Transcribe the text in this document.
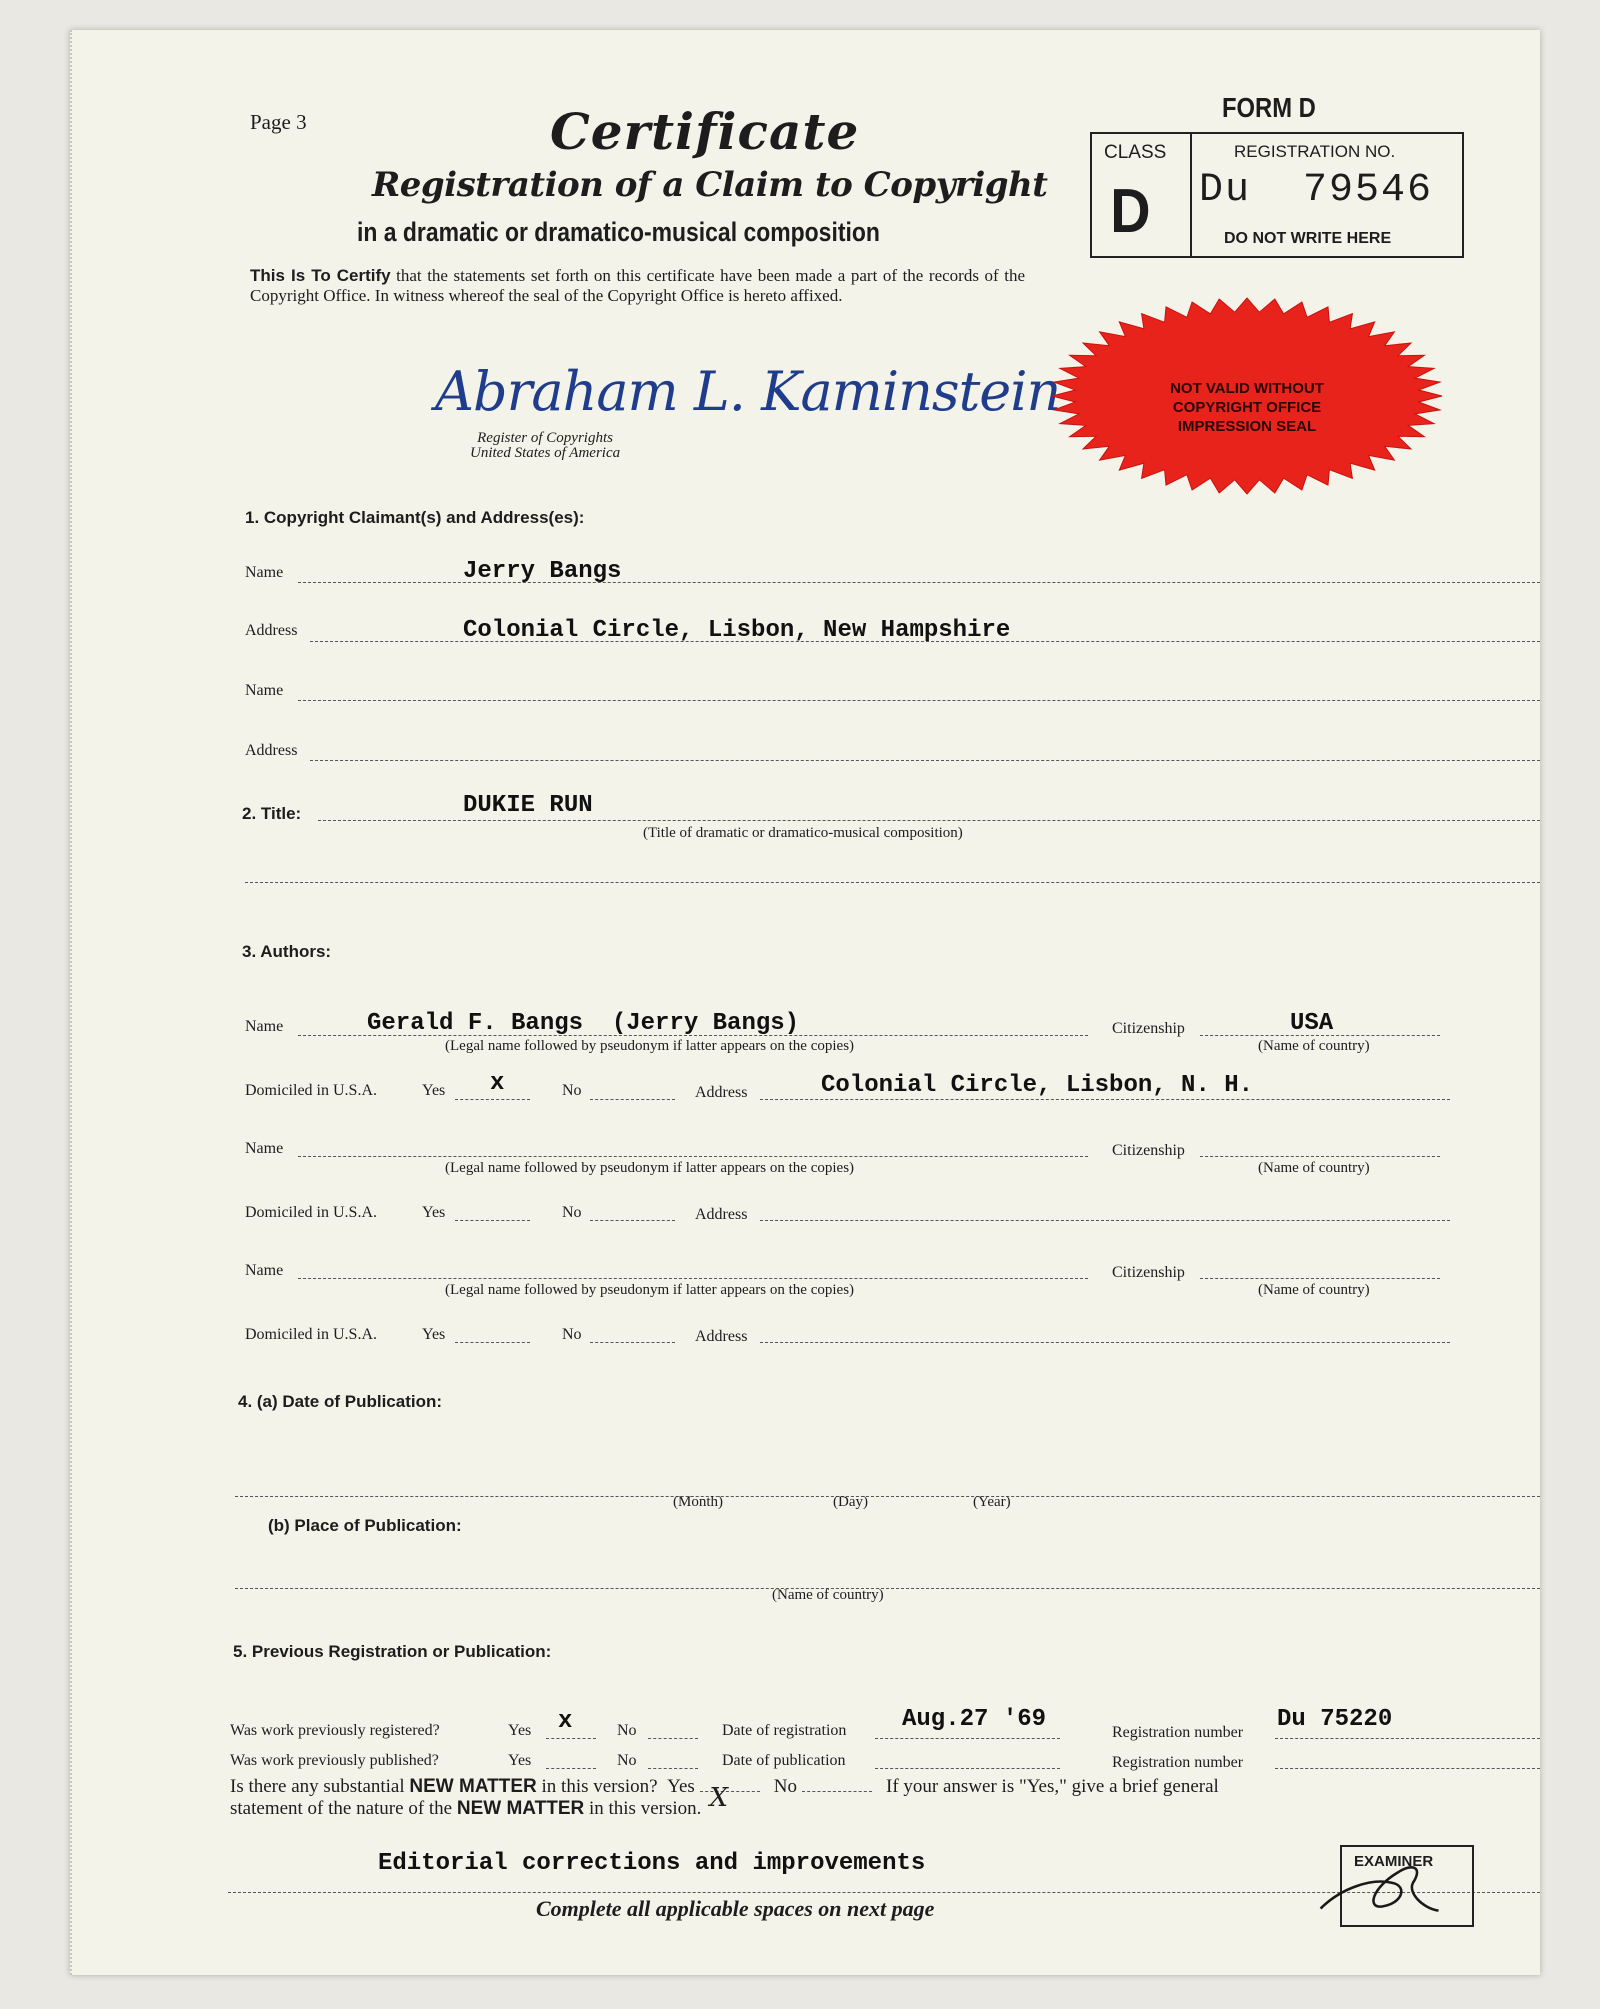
Page 3	Certificate
Registration of a Claim to Copyright
in a dramatic or dramatico-musical composition
This Is To Certify that the statements set forth on this certificate have been made a part of the records of the Copyright Office. In witness whereof the seal of the Copyright Office is hereto affixed.
Abraham L. Kaminstein
Register of Copyrights
United States of America
FORM D
CLASS
D
REGISTRATION NO.
Du  79546
DO NOT WRITE HERE
NOT VALID WITHOUT
COPYRIGHT OFFICE
IMPRESSION SEAL
1. Copyright Claimant(s) and Address(es):
Name	Jerry Bangs
Address	Colonial Circle, Lisbon, New Hampshire
Name
Address
2. Title:	DUKIE RUN
(Title of dramatic or dramatico-musical composition)
3. Authors:
Name	Gerald F. Bangs  (Jerry Bangs)	Citizenship	USA
(Legal name followed by pseudonym if latter appears on the copies)	(Name of country)
Domiciled in U.S.A.	Yes x	No	Address	Colonial Circle, Lisbon, N. H.
Name	Citizenship
(Legal name followed by pseudonym if latter appears on the copies)	(Name of country)
Domiciled in U.S.A.	Yes	No	Address
Name	Citizenship
(Legal name followed by pseudonym if latter appears on the copies)	(Name of country)
Domiciled in U.S.A.	Yes	No	Address
4. (a) Date of Publication:
(Month)	(Day)	(Year)
(b) Place of Publication:
(Name of country)
5. Previous Registration or Publication:
Was work previously registered?	Yes x	No	Date of registration Aug.27 '69	Registration number Du 75220
Was work previously published?	Yes	No	Date of publication	Registration number
Is there any substantial NEW MATTER in this version? Yes X No	If your answer is "Yes," give a brief general
statement of the nature of the NEW MATTER in this version.
Editorial corrections and improvements	EXAMINER
Complete all applicable spaces on next page
